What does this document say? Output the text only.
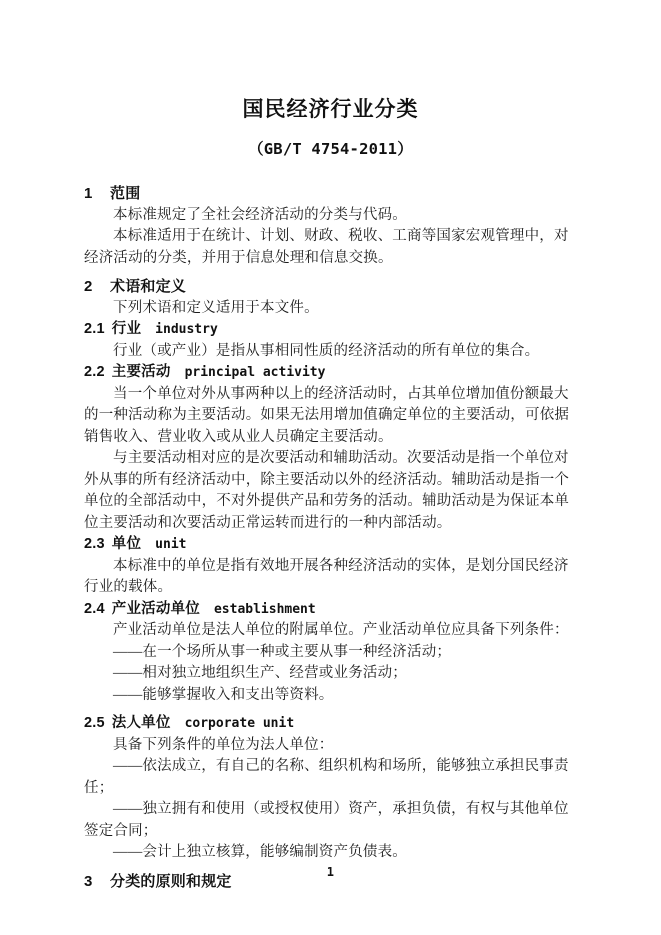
国民经济行业分类
（GB/T 4754-2011）
1 范围

本标准规定了全社会经济活动的分类与代码。

本标准适用于在统计、计划、财政、税收、工商等国家宏观管理中，对经济活动的分类，并用于信息处理和信息交换。

2 术语和定义

下列术语和定义适用于本文件。

2.1 行业 industry

行业（或产业）是指从事相同性质的经济活动的所有单位的集合。

2.2 主要活动 principal activity

当一个单位对外从事两种以上的经济活动时，占其单位增加值份额最大的一种活动称为主要活动。如果无法用增加值确定单位的主要活动，可依据销售收入、营业收入或从业人员确定主要活动。

与主要活动相对应的是次要活动和辅助活动。次要活动是指一个单位对外从事的所有经济活动中，除主要活动以外的经济活动。辅助活动是指一个单位的全部活动中，不对外提供产品和劳务的活动。辅助活动是为保证本单位主要活动和次要活动正常运转而进行的一种内部活动。

2.3 单位 unit

本标准中的单位是指有效地开展各种经济活动的实体，是划分国民经济行业的载体。

2.4 产业活动单位 establishment

产业活动单位是法人单位的附属单位。产业活动单位应具备下列条件：

——在一个场所从事一种或主要从事一种经济活动；

——相对独立地组织生产、经营或业务活动；

——能够掌握收入和支出等资料。

2.5 法人单位 corporate unit

具备下列条件的单位为法人单位：

——依法成立，有自己的名称、组织机构和场所，能够独立承担民事责任；

——独立拥有和使用（或授权使用）资产，承担负债，有权与其他单位签定合同；

——会计上独立核算，能够编制资产负债表。

3 分类的原则和规定
1
